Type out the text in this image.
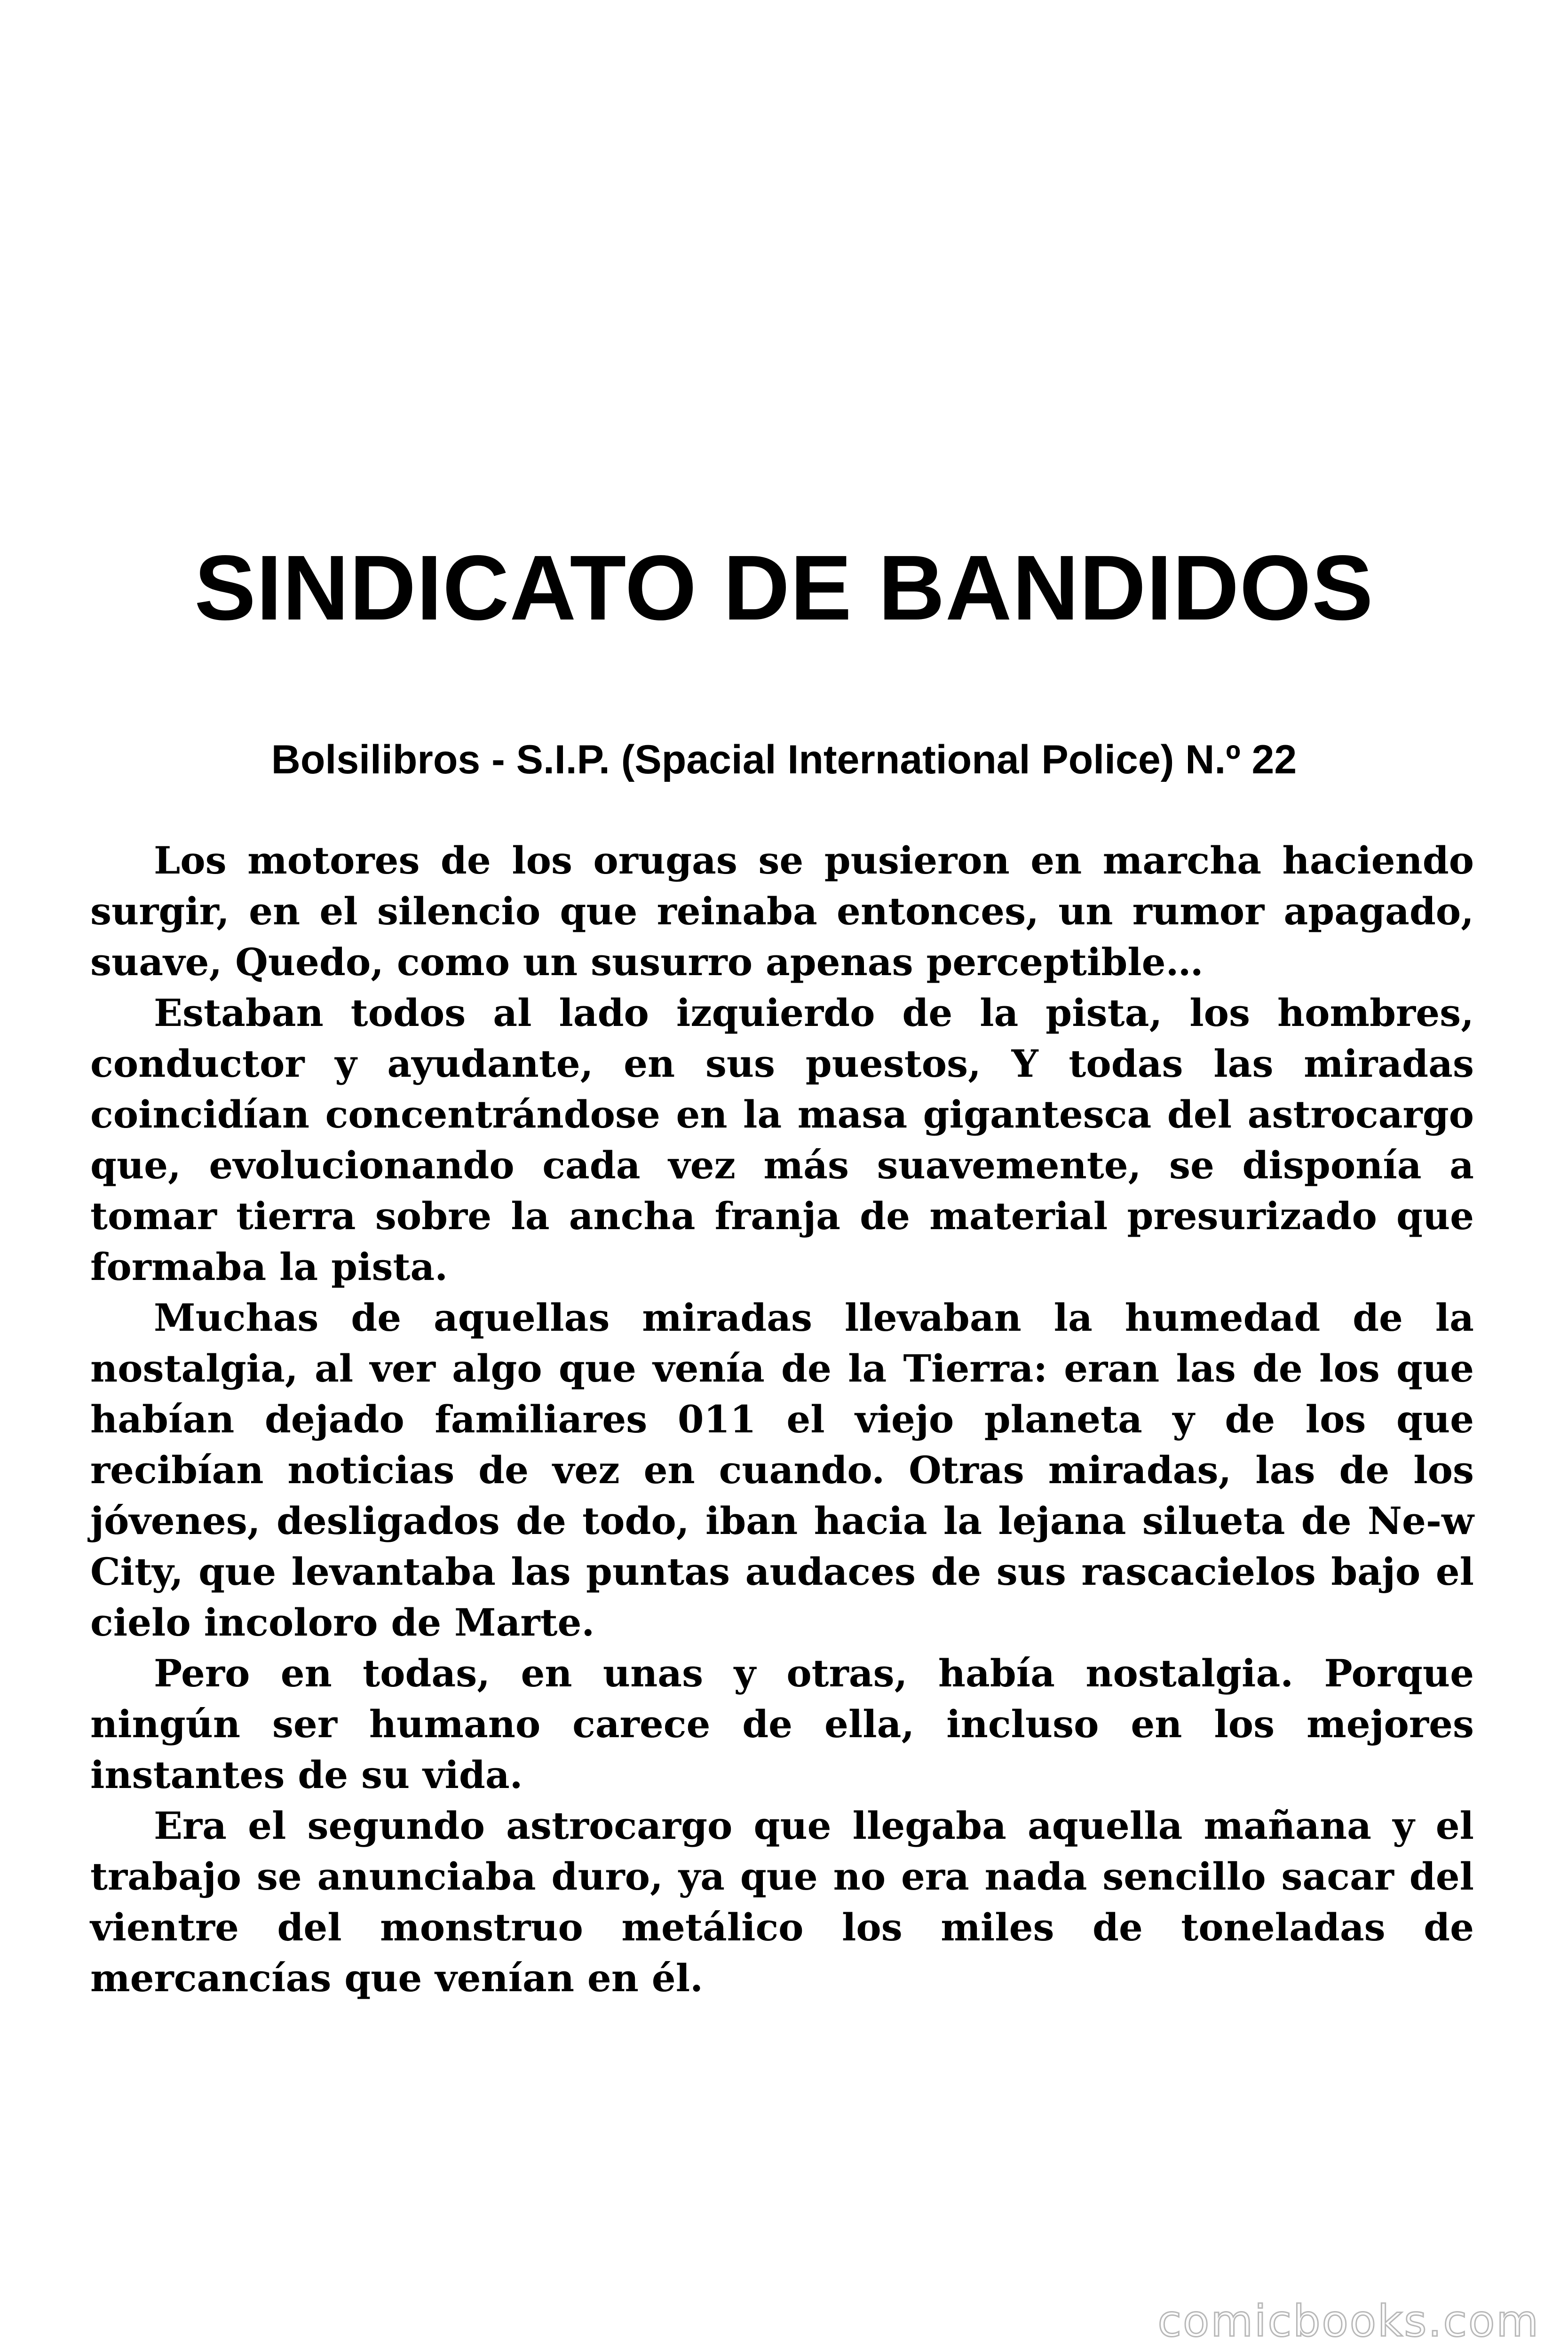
SINDICATO DE BANDIDOS
Bolsilibros - S.I.P. (Spacial International Police) N.º 22

Los motores de los orugas se pusieron en marcha haciendo surgir, en el silencio que reinaba entonces, un rumor apagado, suave, Quedo, como un susurro apenas perceptible…

Estaban todos al lado izquierdo de la pista, los hombres, conductor y ayudante, en sus puestos, Y todas las miradas coincidían concentrándose en la masa gigantesca del astrocargo que, evolucionando cada vez más suavemente, se disponía a tomar tierra sobre la ancha franja de material presurizado que formaba la pista.

Muchas de aquellas miradas llevaban la humedad de la nostalgia, al ver algo que venía de la Tierra: eran las de los que habían dejado familiares 011 el viejo planeta y de los que recibían noticias de vez en cuando. Otras miradas, las de los jóvenes, desligados de todo, iban hacia la lejana silueta de Ne-w City, que levantaba las puntas audaces de sus rascacielos bajo el cielo incoloro de Marte.

Pero en todas, en unas y otras, había nostalgia. Porque ningún ser humano carece de ella, incluso en los mejores instantes de su vida.

Era el segundo astrocargo que llegaba aquella mañana y el trabajo se anunciaba duro, ya que no era nada sencillo sacar del vientre del monstruo metálico los miles de toneladas de mercancías que venían en él.

comicbooks.com
